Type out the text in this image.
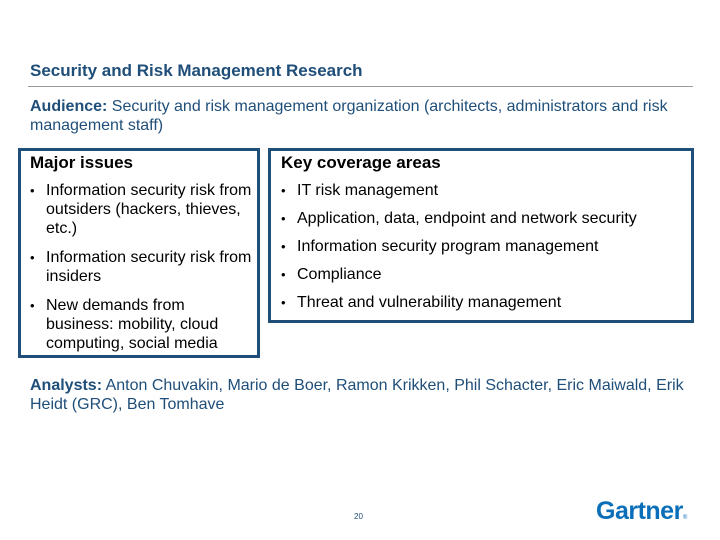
Security and Risk Management Research
Audience: Security and risk management organization (architects, administrators and risk management staff)
Major issues	Key coverage areas
• Information security risk from outsiders (hackers, thieves, etc.)
• Information security risk from insiders
• New demands from business: mobility, cloud computing, social media
• IT risk management
• Application, data, endpoint and network security
• Information security program management
• Compliance
• Threat and vulnerability management
Analysts: Anton Chuvakin, Mario de Boer, Ramon Krikken, Phil Schacter, Eric Maiwald, Erik Heidt (GRC), Ben Tomhave
20	Gartner®
